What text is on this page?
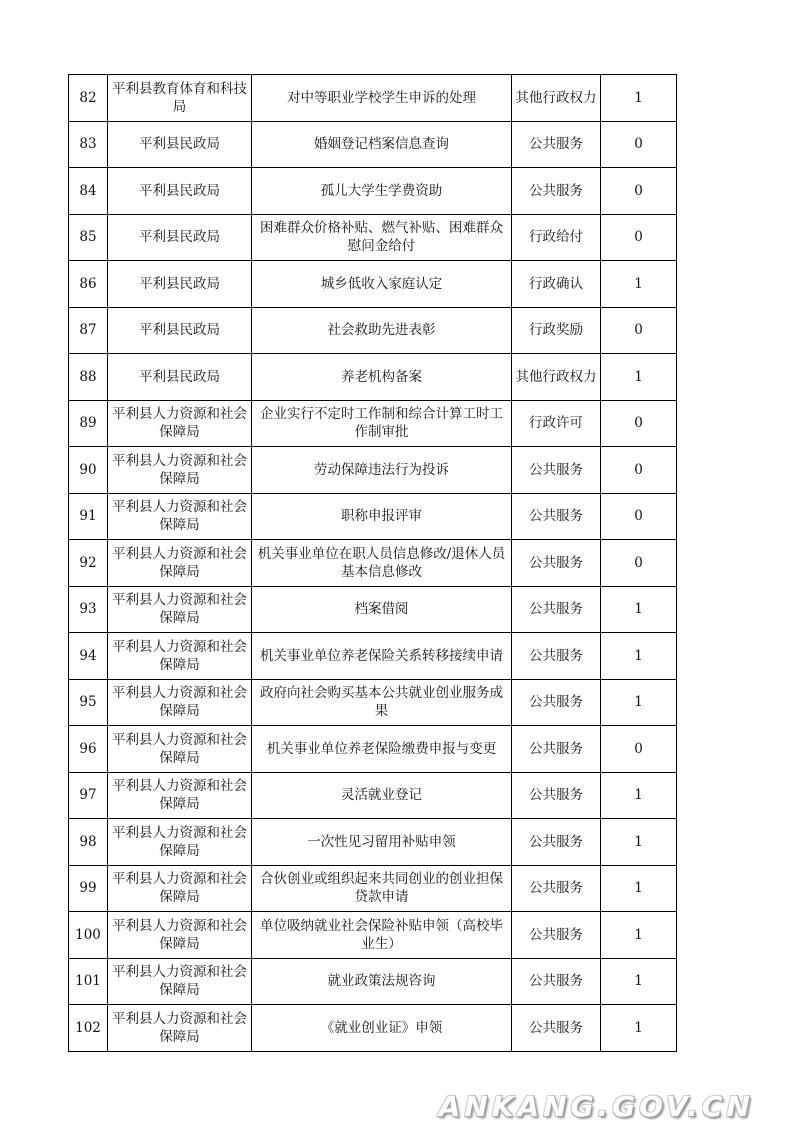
82	平利县教育体育和科技局	对中等职业学校学生申诉的处理	其他行政权力	1
83	平利县民政局	婚姻登记档案信息查询	公共服务	0
84	平利县民政局	孤儿大学生学费资助	公共服务	0
85	平利县民政局	困难群众价格补贴、燃气补贴、困难群众慰问金给付	行政给付	0
86	平利县民政局	城乡低收入家庭认定	行政确认	1
87	平利县民政局	社会救助先进表彰	行政奖励	0
88	平利县民政局	养老机构备案	其他行政权力	1
89	平利县人力资源和社会保障局	企业实行不定时工作制和综合计算工时工作制审批	行政许可	0
90	平利县人力资源和社会保障局	劳动保障违法行为投诉	公共服务	0
91	平利县人力资源和社会保障局	职称申报评审	公共服务	0
92	平利县人力资源和社会保障局	机关事业单位在职人员信息修改/退休人员基本信息修改	公共服务	0
93	平利县人力资源和社会保障局	档案借阅	公共服务	1
94	平利县人力资源和社会保障局	机关事业单位养老保险关系转移接续申请	公共服务	1
95	平利县人力资源和社会保障局	政府向社会购买基本公共就业创业服务成果	公共服务	1
96	平利县人力资源和社会保障局	机关事业单位养老保险缴费申报与变更	公共服务	0
97	平利县人力资源和社会保障局	灵活就业登记	公共服务	1
98	平利县人力资源和社会保障局	一次性见习留用补贴申领	公共服务	1
99	平利县人力资源和社会保障局	合伙创业或组织起来共同创业的创业担保贷款申请	公共服务	1
100	平利县人力资源和社会保障局	单位吸纳就业社会保险补贴申领（高校毕业生）	公共服务	1
101	平利县人力资源和社会保障局	就业政策法规咨询	公共服务	1
102	平利县人力资源和社会保障局	《就业创业证》申领	公共服务	1
ANKANG.GOV.CN
